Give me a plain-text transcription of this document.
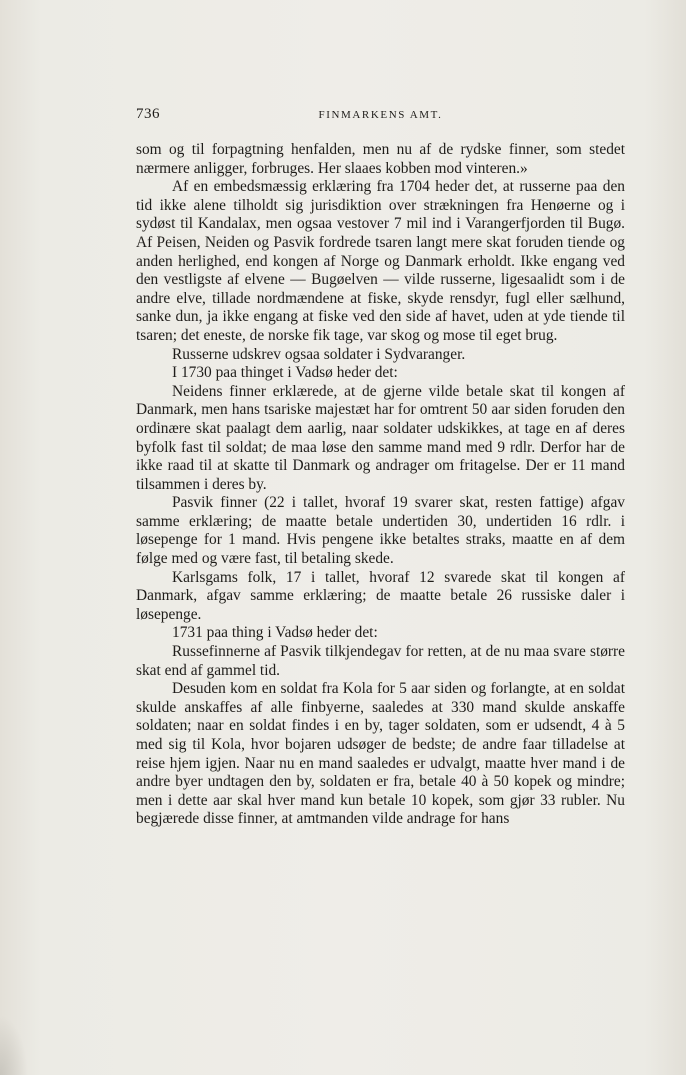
736	FINMARKENS AMT.

som og til forpagtning henfalden, men nu af de rydske finner, som stedet nærmere anligger, forbruges. Her slaaes kobben mod vinteren.»

Af en embedsmæssig erklæring fra 1704 heder det, at russerne paa den tid ikke alene tilholdt sig jurisdiktion over strækningen fra Henøerne og i sydøst til Kandalax, men ogsaa vestover 7 mil ind i Varangerfjorden til Bugø. Af Peisen, Neiden og Pasvik fordrede tsaren langt mere skat foruden tiende og anden herlighed, end kongen af Norge og Danmark erholdt. Ikke engang ved den vestligste af elvene — Bugøelven — vilde russerne, ligesaalidt som i de andre elve, tillade nordmændene at fiske, skyde rensdyr, fugl eller sælhund, sanke dun, ja ikke engang at fiske ved den side af havet, uden at yde tiende til tsaren; det eneste, de norske fik tage, var skog og mose til eget brug.

Russerne udskrev ogsaa soldater i Sydvaranger.

I 1730 paa thinget i Vadsø heder det:

Neidens finner erklærede, at de gjerne vilde betale skat til kongen af Danmark, men hans tsariske majestæt har for omtrent 50 aar siden foruden den ordinære skat paalagt dem aarlig, naar soldater udskikkes, at tage en af deres byfolk fast til soldat; de maa løse den samme mand med 9 rdlr. Derfor har de ikke raad til at skatte til Danmark og andrager om fritagelse. Der er 11 mand tilsammen i deres by.

Pasvik finner (22 i tallet, hvoraf 19 svarer skat, resten fattige) afgav samme erklæring; de maatte betale undertiden 30, undertiden 16 rdlr. i løsepenge for 1 mand. Hvis pengene ikke betaltes straks, maatte en af dem følge med og være fast, til betaling skede.

Karlsgams folk, 17 i tallet, hvoraf 12 svarede skat til kongen af Danmark, afgav samme erklæring; de maatte betale 26 russiske daler i løsepenge.

1731 paa thing i Vadsø heder det:

Russefinnerne af Pasvik tilkjendegav for retten, at de nu maa svare større skat end af gammel tid.

Desuden kom en soldat fra Kola for 5 aar siden og forlangte, at en soldat skulde anskaffes af alle finbyerne, saaledes at 330 mand skulde anskaffe soldaten; naar en soldat findes i en by, tager soldaten, som er udsendt, 4 à 5 med sig til Kola, hvor bojaren udsøger de bedste; de andre faar tilladelse at reise hjem igjen. Naar nu en mand saaledes er udvalgt, maatte hver mand i de andre byer undtagen den by, soldaten er fra, betale 40 à 50 kopek og mindre; men i dette aar skal hver mand kun betale 10 kopek, som gjør 33 rubler. Nu begjærede disse finner, at amtmanden vilde andrage for hans
